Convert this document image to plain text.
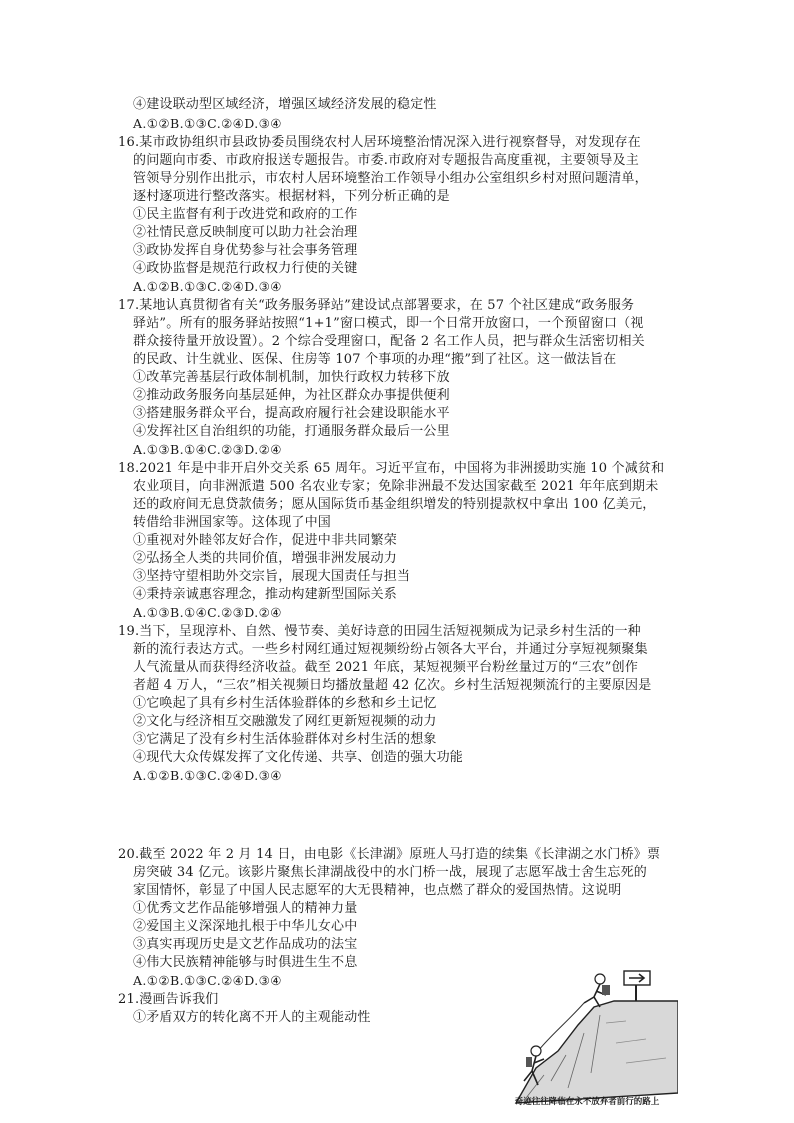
④建设联动型区域经济，增强区域经济发展的稳定性
A.①②B.①③C.②④D.③④
16.某市政协组织市县政协委员围绕农村人居环境整治情况深入进行视察督导，对发现存在
的问题向市委、市政府报送专题报告。市委.市政府对专题报告高度重视，主要领导及主
管领导分别作出批示，市农村人居环境整治工作领导小组办公室组织乡村对照问题清单，
逐村逐项进行整改落实。根据材料，下列分析正确的是
①民主监督有利于改进党和政府的工作
②社情民意反映制度可以助力社会治理
③政协发挥自身优势参与社会事务管理
④政协监督是规范行政权力行使的关键
A.①②B.①③C.②④D.③④
17.某地认真贯彻省有关“政务服务驿站”建设试点部署要求，在 57 个社区建成“政务服务
驿站”。所有的服务驿站按照“1+1”窗口模式，即一个日常开放窗口，一个预留窗口（视
群众接待量开放设置）。2 个综合受理窗口，配备 2 名工作人员，把与群众生活密切相关
的民政、计生就业、医保、住房等 107 个事项的办理“搬”到了社区。这一做法旨在
①改革完善基层行政体制机制，加快行政权力转移下放
②推动政务服务向基层延伸，为社区群众办事提供便利
③搭建服务群众平台，提高政府履行社会建设职能水平
④发挥社区自治组织的功能，打通服务群众最后一公里
A.①③B.①④C.②③D.②④
18.2021 年是中非开启外交关系 65 周年。习近平宣布，中国将为非洲援助实施 10 个减贫和
农业项目，向非洲派遣 500 名农业专家；免除非洲最不发达国家截至 2021 年年底到期未
还的政府间无息贷款债务；愿从国际货币基金组织增发的特别提款权中拿出 100 亿美元，
转借给非洲国家等。这体现了中国
①重视对外睦邻友好合作，促进中非共同繁荣
②弘扬全人类的共同价值，增强非洲发展动力
③坚持守望相助外交宗旨，展现大国责任与担当
④秉持亲诚惠容理念，推动构建新型国际关系
A.①③B.①④C.②③D.②④
19.当下，呈现淳朴、自然、慢节奏、美好诗意的田园生活短视频成为记录乡村生活的一种
新的流行表达方式。一些乡村网红通过短视频纷纷占领各大平台，并通过分享短视频聚集
人气流量从而获得经济收益。截至 2021 年底，某短视频平台粉丝量过万的“三农”创作
者超 4 万人，“三农”相关视频日均播放量超 42 亿次。乡村生活短视频流行的主要原因是
①它唤起了具有乡村生活体验群体的乡愁和乡土记忆
②文化与经济相互交融激发了网红更新短视频的动力
③它满足了没有乡村生活体验群体对乡村生活的想象
④现代大众传媒发挥了文化传递、共享、创造的强大功能
A.①②B.①③C.②④D.③④
20.截至 2022 年 2 月 14 日，由电影《长津湖》原班人马打造的续集《长津湖之水门桥》票
房突破 34 亿元。该影片聚焦长津湖战役中的水门桥一战，展现了志愿军战士舍生忘死的
家国情怀，彰显了中国人民志愿军的大无畏精神，也点燃了群众的爱国热情。这说明
①优秀文艺作品能够增强人的精神力量
②爱国主义深深地扎根于中华儿女心中
③真实再现历史是文艺作品成功的法宝
④伟大民族精神能够与时俱进生生不息
A.①②B.①③C.②④D.③④
21.漫画告诉我们
①矛盾双方的转化离不开人的主观能动性
奇迹往往降临在永不放弃者前行的路上
